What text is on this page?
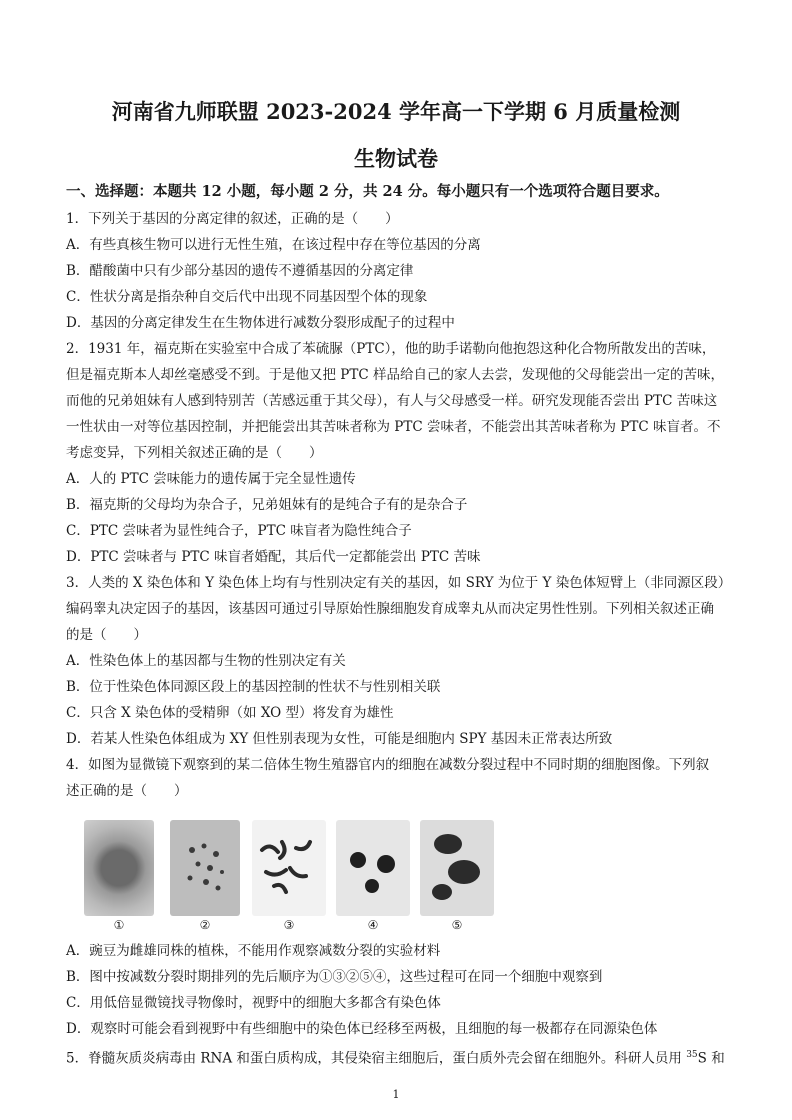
河南省九师联盟 2023-2024 学年高一下学期 6 月质量检测
生物试卷
一、选择题：本题共 12 小题，每小题 2 分，共 24 分。每小题只有一个选项符合题目要求。
1．下列关于基因的分离定律的叙述，正确的是（　　）
A．有些真核生物可以进行无性生殖，在该过程中存在等位基因的分离
B．醋酸菌中只有少部分基因的遗传不遵循基因的分离定律
C．性状分离是指杂种自交后代中出现不同基因型个体的现象
D．基因的分离定律发生在生物体进行减数分裂形成配子的过程中
2．1931 年，福克斯在实验室中合成了苯硫脲（PTC），他的助手诺勒向他抱怨这种化合物所散发出的苦味，
但是福克斯本人却丝毫感受不到。于是他又把 PTC 样品给自己的家人去尝，发现他的父母能尝出一定的苦味，
而他的兄弟姐妹有人感到特别苦（苦感远重于其父母），有人与父母感受一样。研究发现能否尝出 PTC 苦味这
一性状由一对等位基因控制，并把能尝出其苦味者称为 PTC 尝味者，不能尝出其苦味者称为 PTC 味盲者。不
考虑变异，下列相关叙述正确的是（　　）
A．人的 PTC 尝味能力的遗传属于完全显性遗传
B．福克斯的父母均为杂合子，兄弟姐妹有的是纯合子有的是杂合子
C．PTC 尝味者为显性纯合子，PTC 味盲者为隐性纯合子
D．PTC 尝味者与 PTC 味盲者婚配，其后代一定都能尝出 PTC 苦味
3．人类的 X 染色体和 Y 染色体上均有与性别决定有关的基因，如 SRY 为位于 Y 染色体短臂上（非同源区段）
编码睾丸决定因子的基因，该基因可通过引导原始性腺细胞发育成睾丸从而决定男性性别。下列相关叙述正确
的是（　　）
A．性染色体上的基因都与生物的性别决定有关
B．位于性染色体同源区段上的基因控制的性状不与性别相关联
C．只含 X 染色体的受精卵（如 XO 型）将发育为雄性
D．若某人性染色体组成为 XY 但性别表现为女性，可能是细胞内 SPY 基因未正常表达所致
4．如图为显微镜下观察到的某二倍体生物生殖器官内的细胞在减数分裂过程中不同时期的细胞图像。下列叙
述正确的是（　　）
①	②	③	④	⑤
A．豌豆为雌雄同株的植株，不能用作观察减数分裂的实验材料
B．图中按减数分裂时期排列的先后顺序为①③②⑤④，这些过程可在同一个细胞中观察到
C．用低倍显微镜找寻物像时，视野中的细胞大多都含有染色体
D．观察时可能会看到视野中有些细胞中的染色体已经移至两极，且细胞的每一极都存在同源染色体
5．脊髓灰质炎病毒由 RNA 和蛋白质构成，其侵染宿主细胞后，蛋白质外壳会留在细胞外。科研人员用 $^{35}$S 和
1
